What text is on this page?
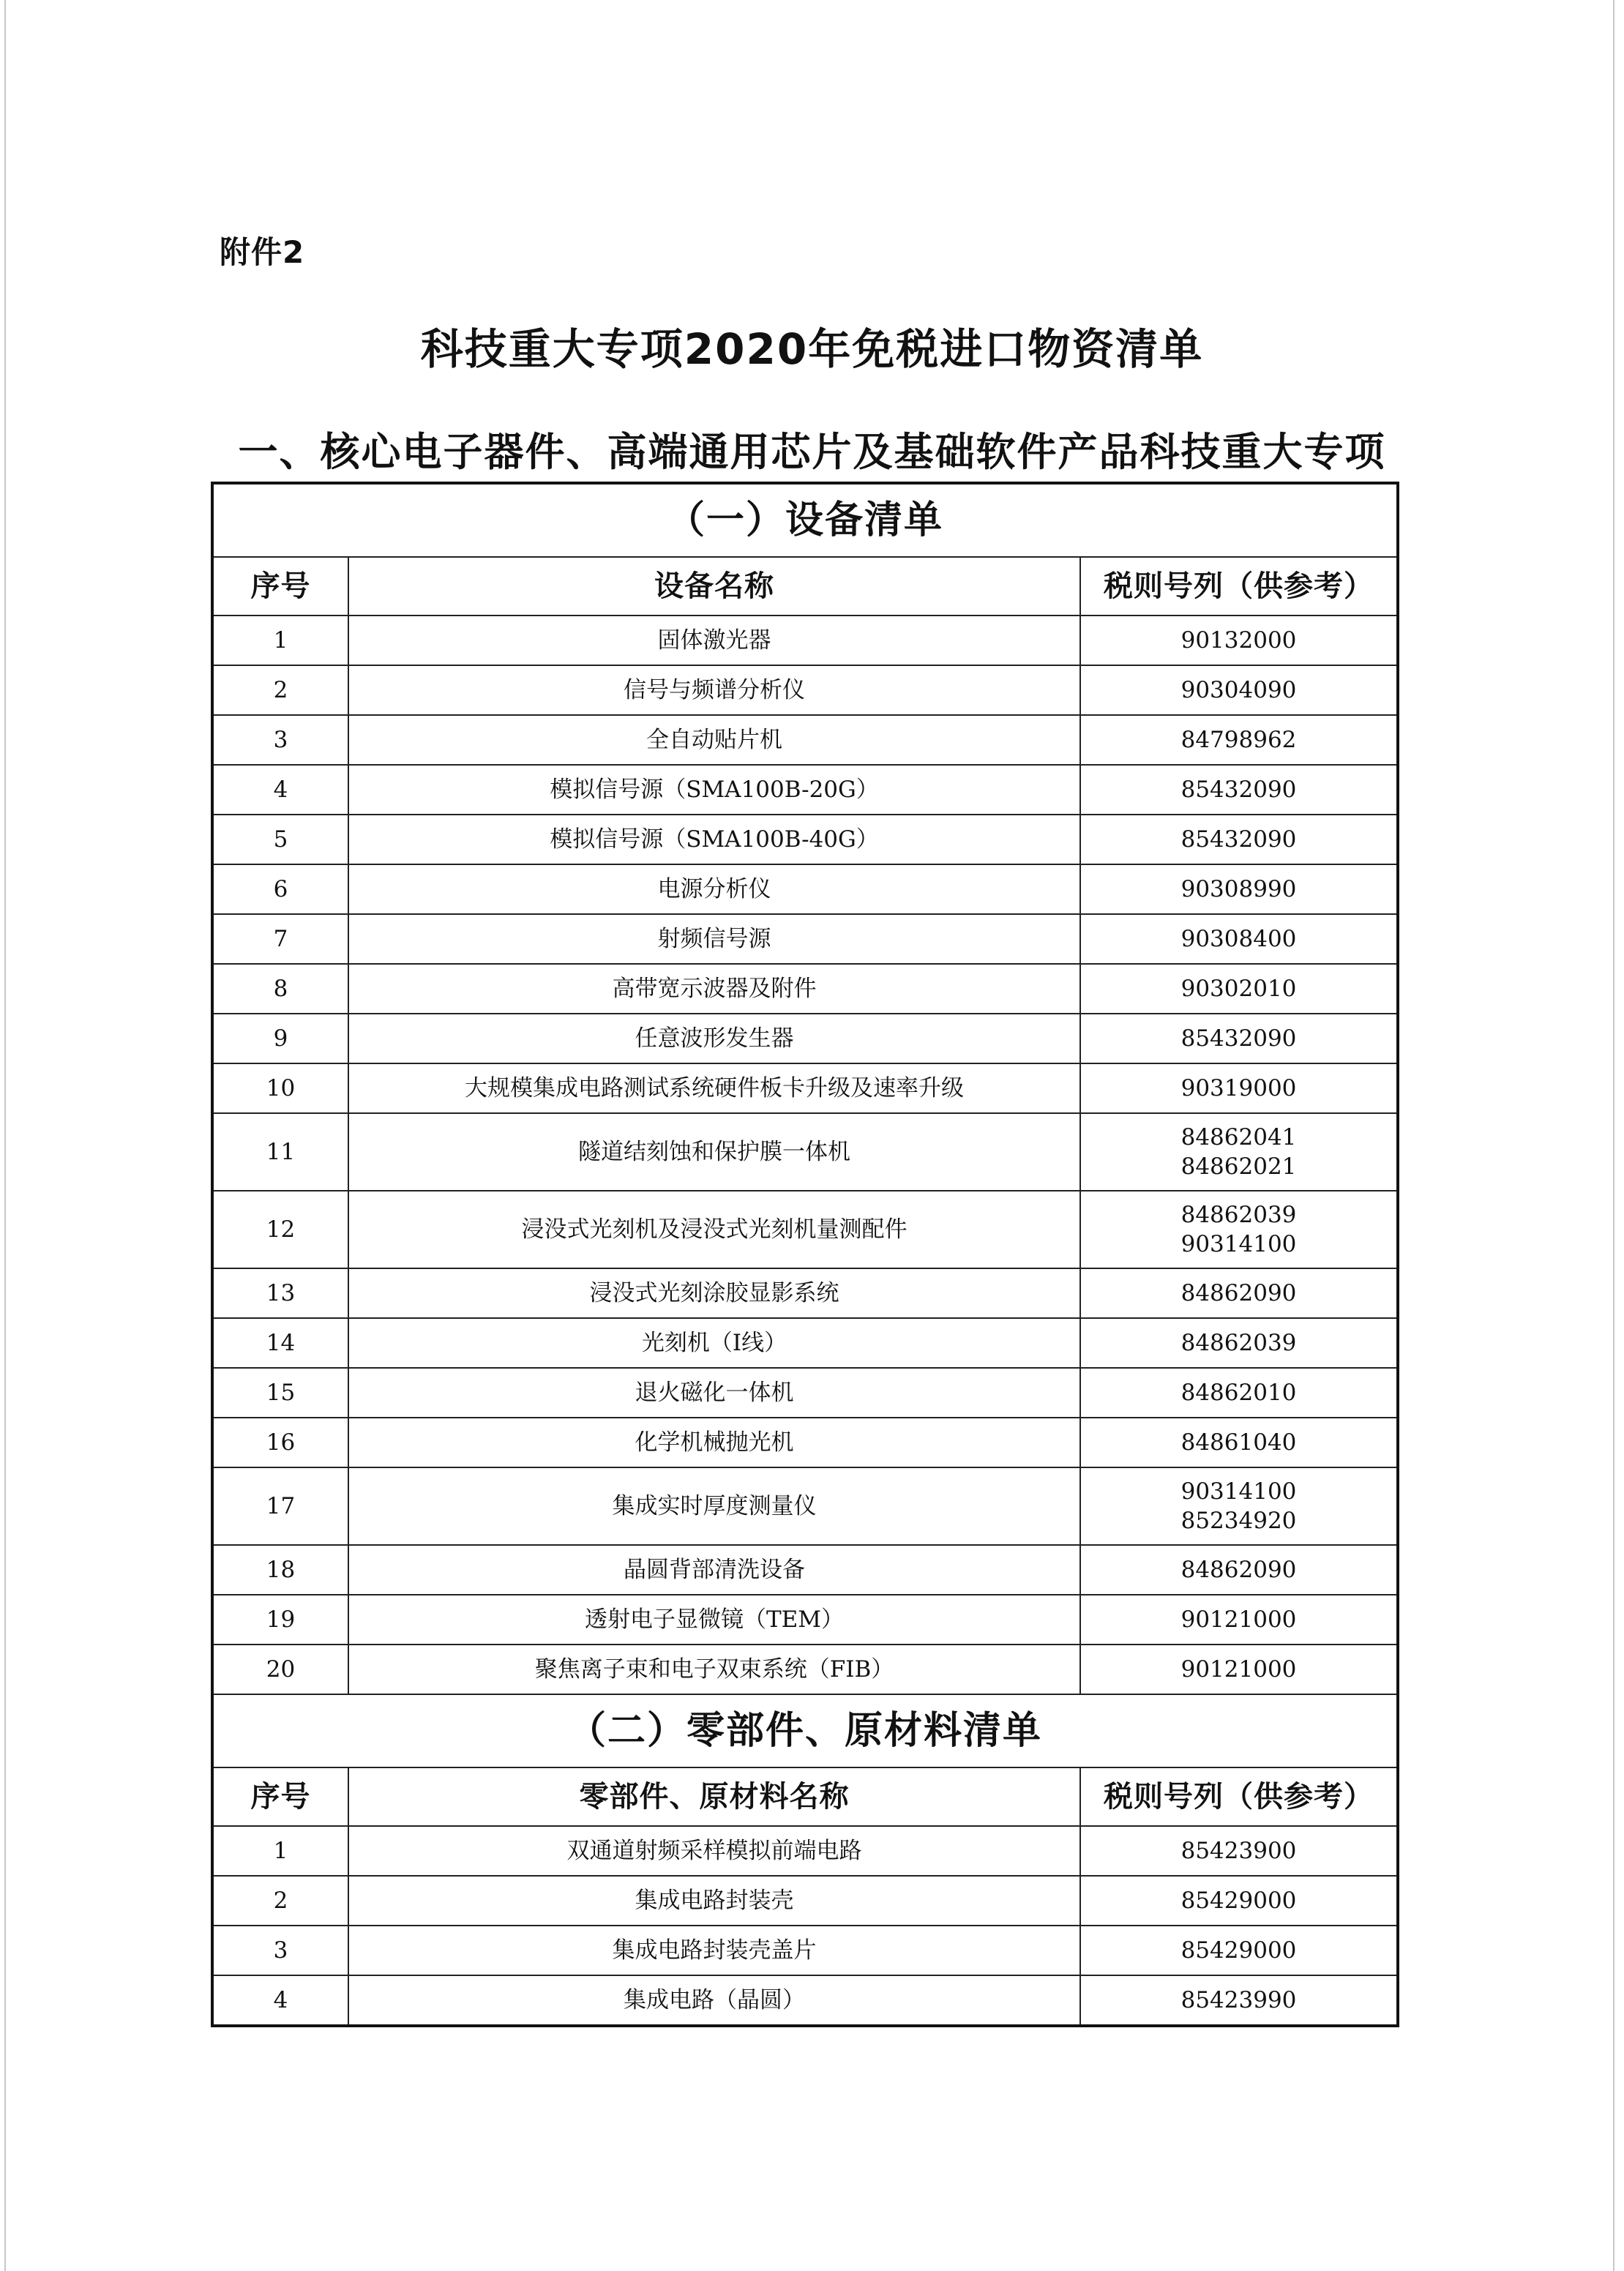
附件2
科技重大专项2020年免税进口物资清单
一、核心电子器件、高端通用芯片及基础软件产品科技重大专项
（一）设备清单		
序号	设备名称	税则号列（供参考）
1	固体激光器	90132000

2	信号与频谱分析仪	90304090

3	全自动贴片机	84798962

4	模拟信号源（SMA100B-20G）	85432090

5	模拟信号源（SMA100B-40G）	85432090

6	电源分析仪	90308990

7	射频信号源	90308400

8	高带宽示波器及附件	90302010

9	任意波形发生器	85432090

10	大规模集成电路测试系统硬件板卡升级及速率升级	90319000

11	隧道结刻蚀和保护膜一体机	84862041
84862021

12	浸没式光刻机及浸没式光刻机量测配件	84862039
90314100

13	浸没式光刻涂胶显影系统	84862090

14	光刻机（I线）	84862039

15	退火磁化一体机	84862010

16	化学机械抛光机	84861040

17	集成实时厚度测量仪	90314100
85234920

18	晶圆背部清洗设备	84862090

19	透射电子显微镜（TEM）	90121000

20	聚焦离子束和电子双束系统（FIB）	90121000

（二）零部件、原材料清单		
序号	零部件、原材料名称	税则号列（供参考）
1	双通道射频采样模拟前端电路	85423900

2	集成电路封装壳	85429000

3	集成电路封装壳盖片	85429000

4	集成电路（晶圆）	85423990
